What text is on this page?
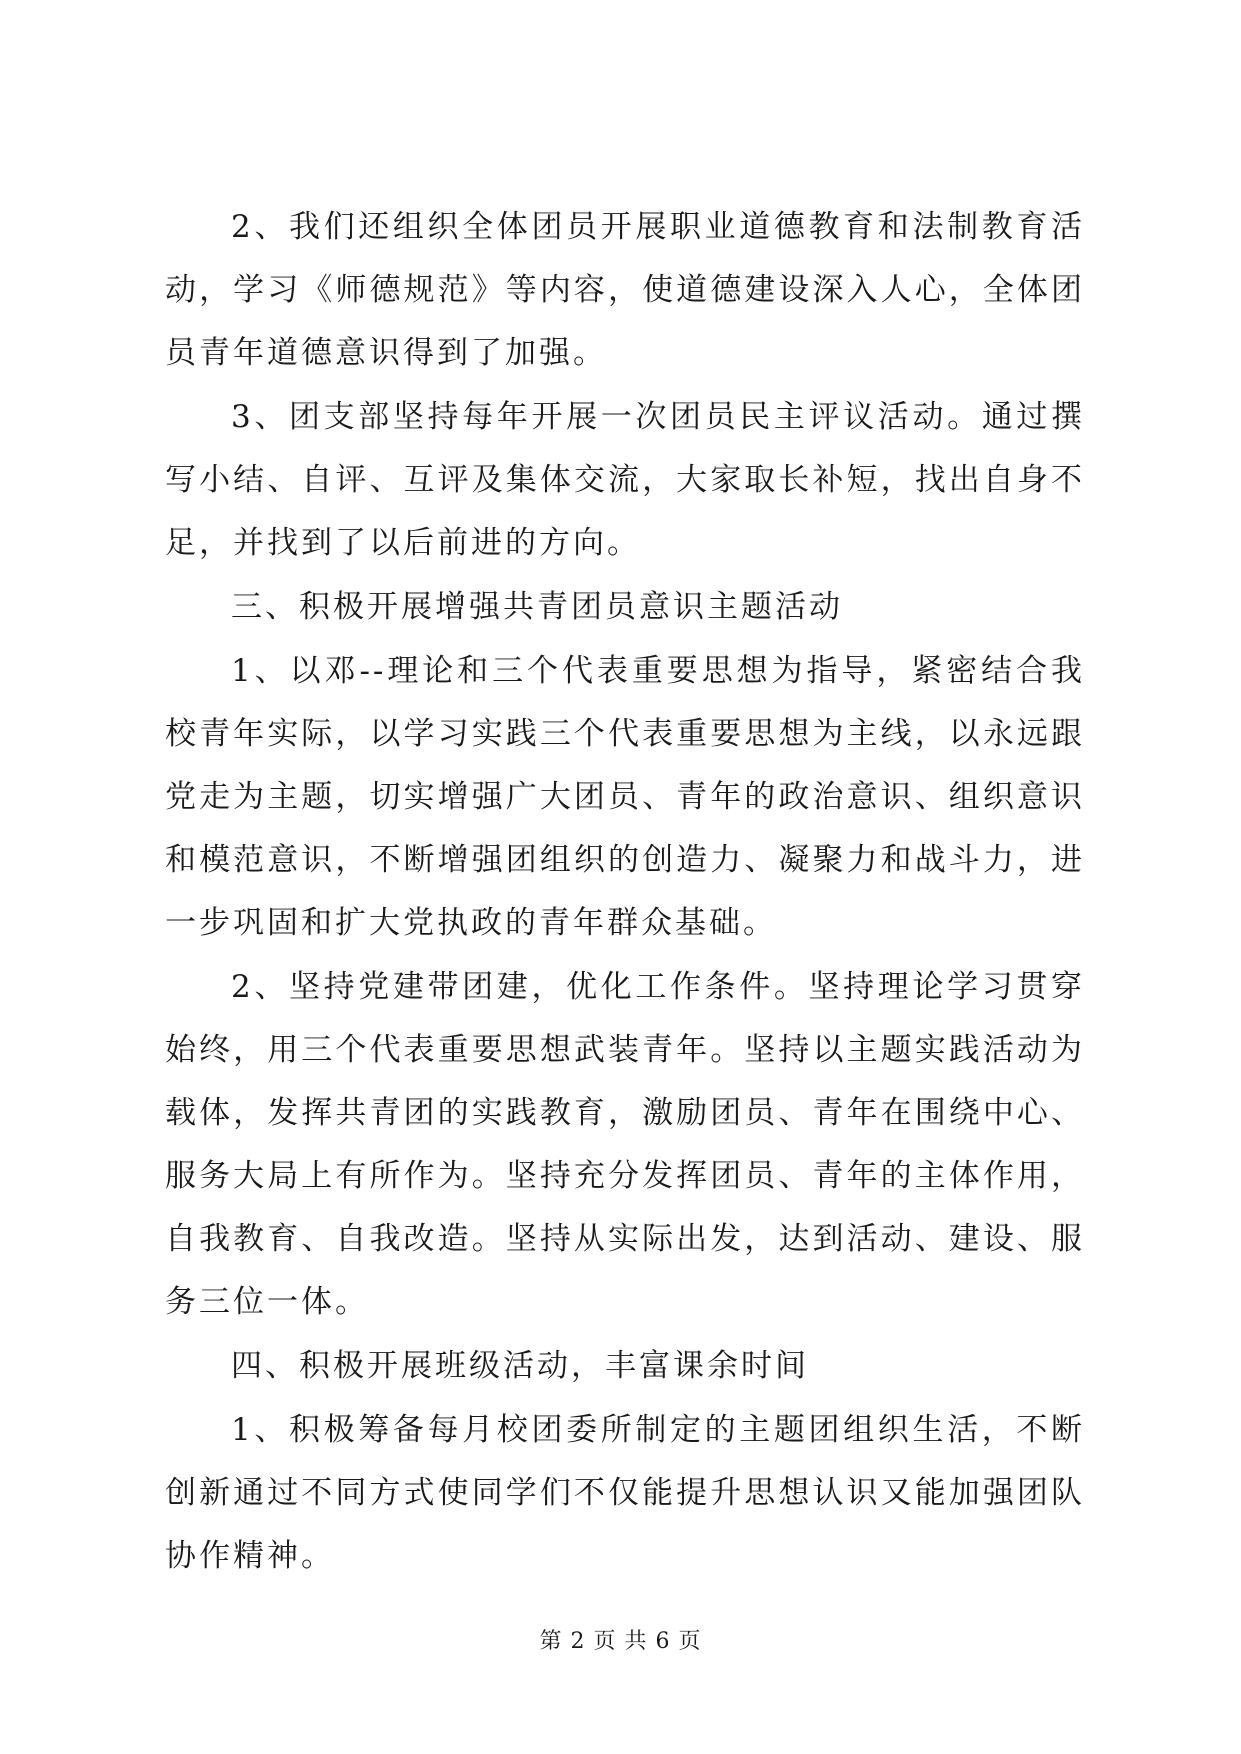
2、我们还组织全体团员开展职业道德教育和法制教育活动，学习《师德规范》等内容，使道德建设深入人心，全体团员青年道德意识得到了加强。

3、团支部坚持每年开展一次团员民主评议活动。通过撰写小结、自评、互评及集体交流，大家取长补短，找出自身不足，并找到了以后前进的方向。

三、积极开展增强共青团员意识主题活动

1、以邓--理论和三个代表重要思想为指导，紧密结合我校青年实际，以学习实践三个代表重要思想为主线，以永远跟党走为主题，切实增强广大团员、青年的政治意识、组织意识和模范意识，不断增强团组织的创造力、凝聚力和战斗力，进一步巩固和扩大党执政的青年群众基础。

2、坚持党建带团建，优化工作条件。坚持理论学习贯穿始终，用三个代表重要思想武装青年。坚持以主题实践活动为载体，发挥共青团的实践教育，激励团员、青年在围绕中心、服务大局上有所作为。坚持充分发挥团员、青年的主体作用，自我教育、自我改造。坚持从实际出发，达到活动、建设、服务三位一体。

四、积极开展班级活动，丰富课余时间

1、积极筹备每月校团委所制定的主题团组织生活，不断创新通过不同方式使同学们不仅能提升思想认识又能加强团队协作精神。

第 2 页 共 6 页
